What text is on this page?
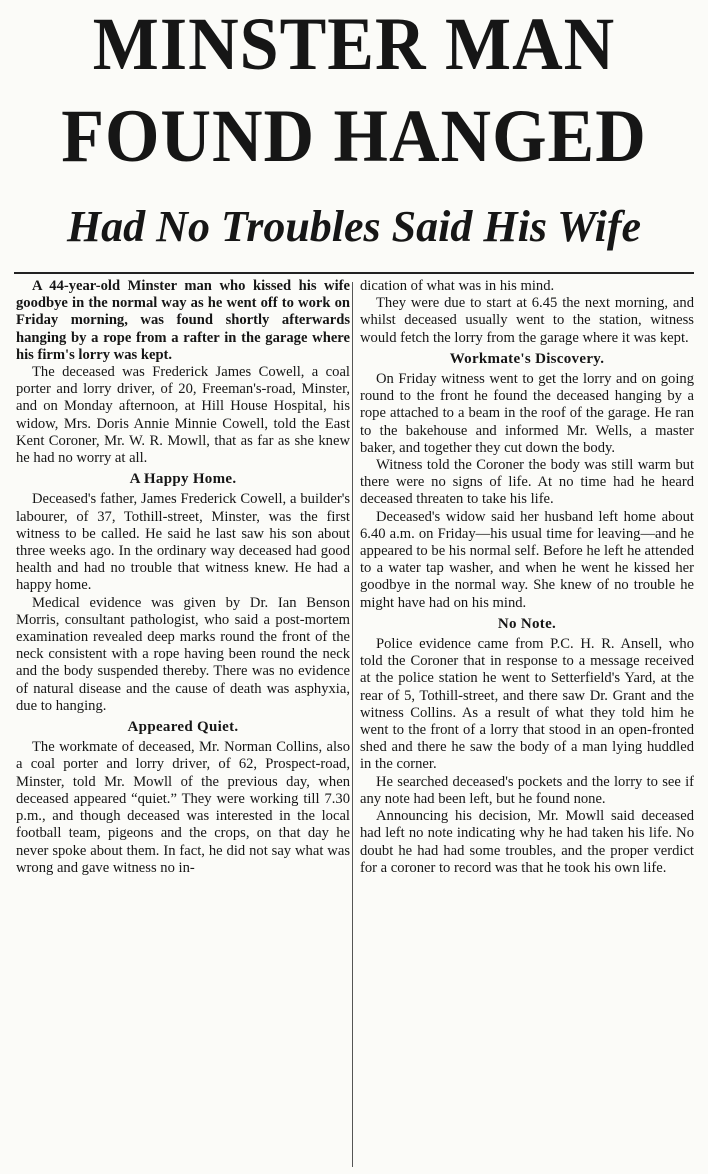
MINSTER MAN
FOUND HANGED
Had No Troubles Said His Wife

A 44-year-old Minster man who kissed his wife goodbye in the normal way as he went off to work on Friday morning, was found shortly afterwards hanging by a rope from a rafter in the garage where his firm's lorry was kept.

The deceased was Frederick James Cowell, a coal porter and lorry driver, of 20, Freeman's-road, Minster, and on Monday afternoon, at Hill House Hospital, his widow, Mrs. Doris Annie Minnie Cowell, told the East Kent Coroner, Mr. W. R. Mowll, that as far as she knew he had no worry at all.

A Happy Home.

Deceased's father, James Frederick Cowell, a builder's labourer, of 37, Tothill-street, Minster, was the first witness to be called. He said he last saw his son about three weeks ago. In the ordinary way deceased had good health and had no trouble that witness knew. He had a happy home.

Medical evidence was given by Dr. Ian Benson Morris, consultant pathologist, who said a post-mortem examination revealed deep marks round the front of the neck consistent with a rope having been round the neck and the body suspended thereby. There was no evidence of natural disease and the cause of death was asphyxia, due to hanging.

Appeared Quiet.

The workmate of deceased, Mr. Norman Collins, also a coal porter and lorry driver, of 62, Prospect-road, Minster, told Mr. Mowll of the previous day, when deceased appeared “quiet.” They were working till 7.30 p.m., and though deceased was interested in the local football team, pigeons and the crops, on that day he never spoke about them. In fact, he did not say what was wrong and gave witness no in-

dication of what was in his mind.

They were due to start at 6.45 the next morning, and whilst deceased usually went to the station, witness would fetch the lorry from the garage where it was kept.

Workmate's Discovery.

On Friday witness went to get the lorry and on going round to the front he found the deceased hanging by a rope attached to a beam in the roof of the garage. He ran to the bakehouse and informed Mr. Wells, a master baker, and together they cut down the body.

Witness told the Coroner the body was still warm but there were no signs of life. At no time had he heard deceased threaten to take his life.

Deceased's widow said her husband left home about 6.40 a.m. on Friday—his usual time for leaving—and he appeared to be his normal self. Before he left he attended to a water tap washer, and when he went he kissed her goodbye in the normal way. She knew of no trouble he might have had on his mind.

No Note.

Police evidence came from P.C. H. R. Ansell, who told the Coroner that in response to a message received at the police station he went to Setterfield's Yard, at the rear of 5, Tothill-street, and there saw Dr. Grant and the witness Collins. As a result of what they told him he went to the front of a lorry that stood in an open-fronted shed and there he saw the body of a man lying huddled in the corner.

He searched deceased's pockets and the lorry to see if any note had been left, but he found none.

Announcing his decision, Mr. Mowll said deceased had left no note indicating why he had taken his life. No doubt he had had some troubles, and the proper verdict for a coroner to record was that he took his own life.
